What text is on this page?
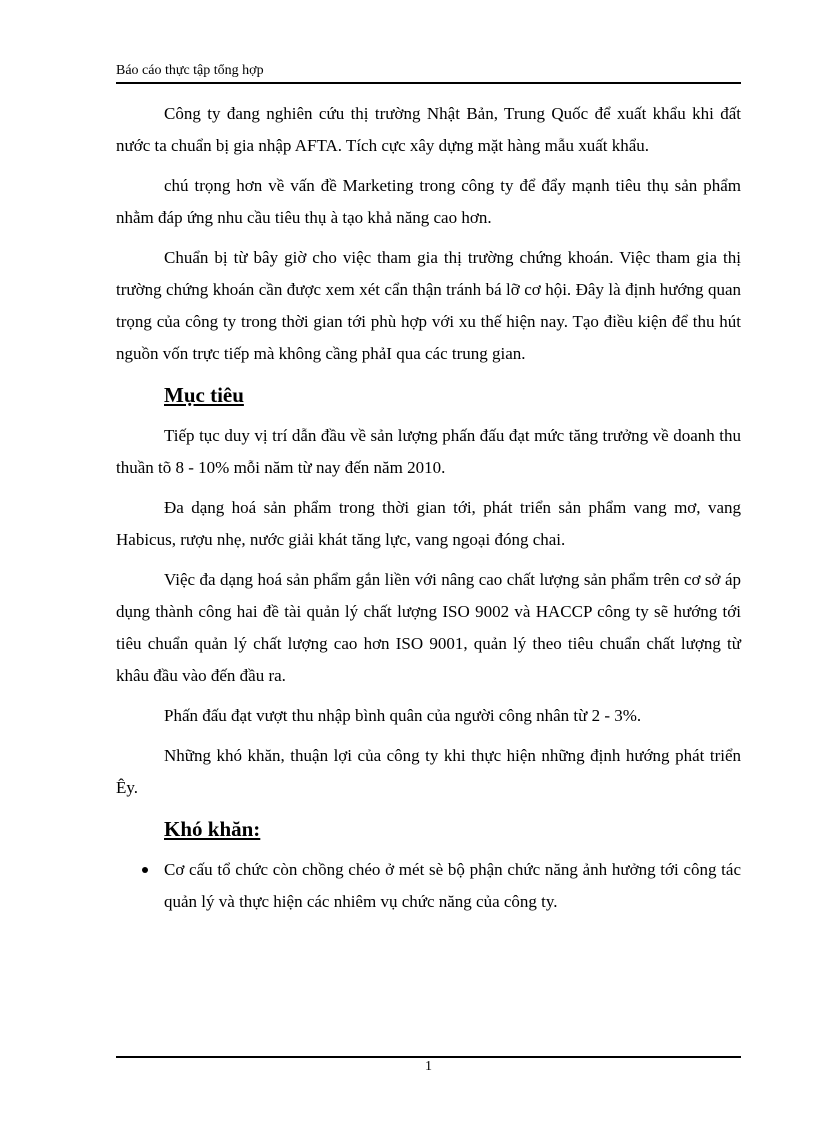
Báo cáo thực tập tổng hợp

Công ty đang nghiên cứu thị trường Nhật Bản, Trung Quốc để xuất khẩu khi đất nước ta chuẩn bị gia nhập AFTA. Tích cực xây dựng mặt hàng mẫu xuất khẩu.

chú trọng hơn về vấn đề Marketing trong công ty để đẩy mạnh tiêu thụ sản phẩm nhằm đáp ứng nhu cầu tiêu thụ à tạo khả năng cao hơn.

Chuẩn bị từ bây giờ cho việc tham gia thị trường chứng khoán. Việc tham gia thị trường chứng khoán cần được xem xét cẩn thận tránh bá lỡ cơ hội. Đây là định hướng quan trọng của công ty trong thời gian tới phù hợp với xu thế hiện nay. Tạo điều kiện để thu hút nguồn vốn trực tiếp mà không cầng phảI qua các trung gian.

Mục tiêu

Tiếp tục duy vị trí dẫn đầu về sản lượng phấn đấu đạt mức tăng trưởng về doanh thu thuần tõ 8 - 10% mỗi năm từ nay đến năm 2010.

Đa dạng hoá sản phẩm trong thời gian tới, phát triển sản phẩm vang mơ, vang Habicus, rượu nhẹ, nước giải khát tăng lực, vang ngoại đóng chai.

Việc đa dạng hoá sản phẩm gắn liền với nâng cao chất lượng sản phẩm trên cơ sở áp dụng thành công hai đề tài quản lý chất lượng ISO 9002 và HACCP công ty sẽ hướng tới tiêu chuẩn quản lý chất lượng cao hơn ISO 9001, quản lý theo tiêu chuẩn chất lượng từ khâu đầu vào đến đầu ra.

Phấn đấu đạt vượt thu nhập bình quân của người công nhân từ 2 - 3%.

Những khó khăn, thuận lợi của công ty khi thực hiện những định hướng phát triển Êy.

Khó khăn:
Cơ cấu tổ chức còn chồng chéo ở mét sè bộ phận chức năng ảnh hưởng tới công tác quản lý và thực hiện các nhiêm vụ chức năng của công ty.
1
